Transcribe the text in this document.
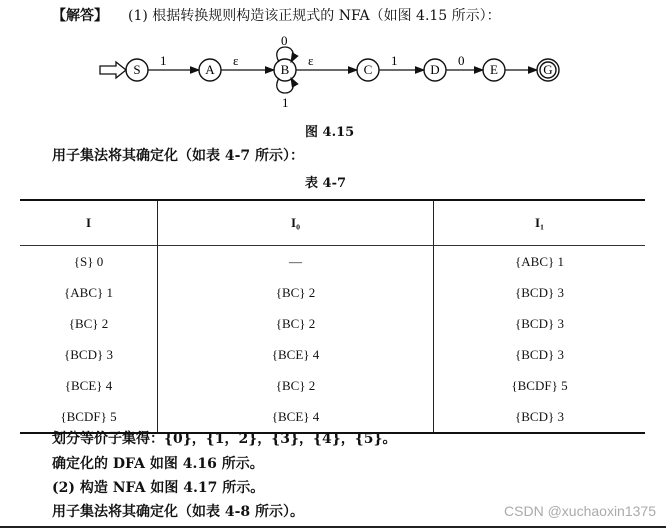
【解答】 (1) 根据转换规则构造该正规式的 NFA（如图 4.15 所示）：
S	A	B	C	D	E	G
1	ε	ε	1	0
0
1
图 4.15
用子集法将其确定化（如表 4-7 所示）：
表 4-7
I	I₀	I₁
{S} 0	—	{ABC} 1
{ABC} 1	{BC} 2	{BCD} 3
{BC} 2	{BC} 2	{BCD} 3
{BCD} 3	{BCE} 4	{BCD} 3
{BCE} 4	{BC} 2	{BCDF} 5
{BCDF} 5	{BCE} 4	{BCD} 3
划分等价子集得：{0}，{1，2}，{3}，{4}，{5}。
确定化的 DFA 如图 4.16 所示。
(2) 构造 NFA 如图 4.17 所示。
用子集法将其确定化（如表 4-8 所示）。	CSDN @xuchaoxin1375
